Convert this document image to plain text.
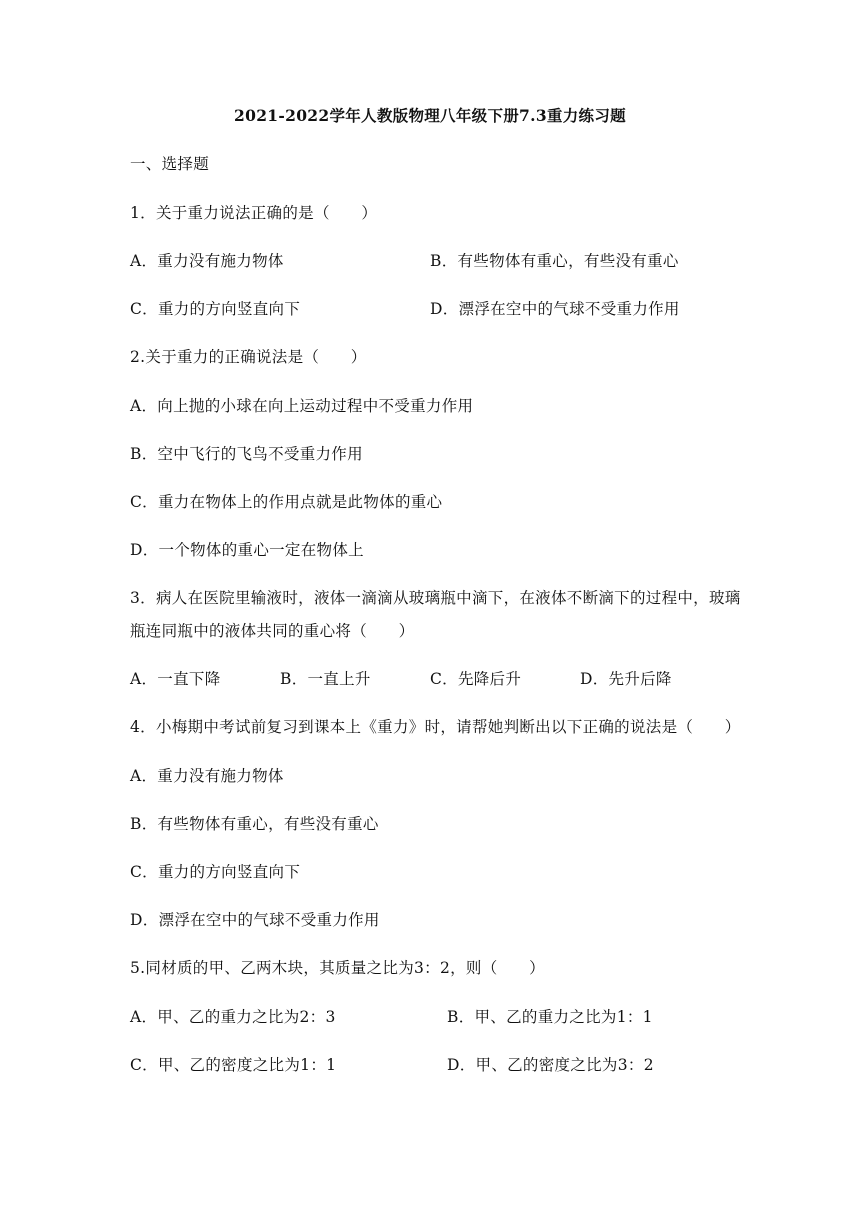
2021-2022学年人教版物理八年级下册7.3重力练习题
一、选择题
1．关于重力说法正确的是（　　）
A．重力没有施力物体	B．有些物体有重心，有些没有重心
C．重力的方向竖直向下	D．漂浮在空中的气球不受重力作用
2.关于重力的正确说法是（　　）
A．向上抛的小球在向上运动过程中不受重力作用
B．空中飞行的飞鸟不受重力作用
C．重力在物体上的作用点就是此物体的重心
D．一个物体的重心一定在物体上
3．病人在医院里输液时，液体一滴滴从玻璃瓶中滴下，在液体不断滴下的过程中，玻璃
瓶连同瓶中的液体共同的重心将（　　）
A．一直下降	B．一直上升	C．先降后升	D．先升后降
4．小梅期中考试前复习到课本上《重力》时，请帮她判断出以下正确的说法是（　　）
A．重力没有施力物体
B．有些物体有重心，有些没有重心
C．重力的方向竖直向下
D．漂浮在空中的气球不受重力作用
5.同材质的甲、乙两木块，其质量之比为3：2，则（　　）
A．甲、乙的重力之比为2：3	B．甲、乙的重力之比为1：1
C．甲、乙的密度之比为1：1	D．甲、乙的密度之比为3：2
